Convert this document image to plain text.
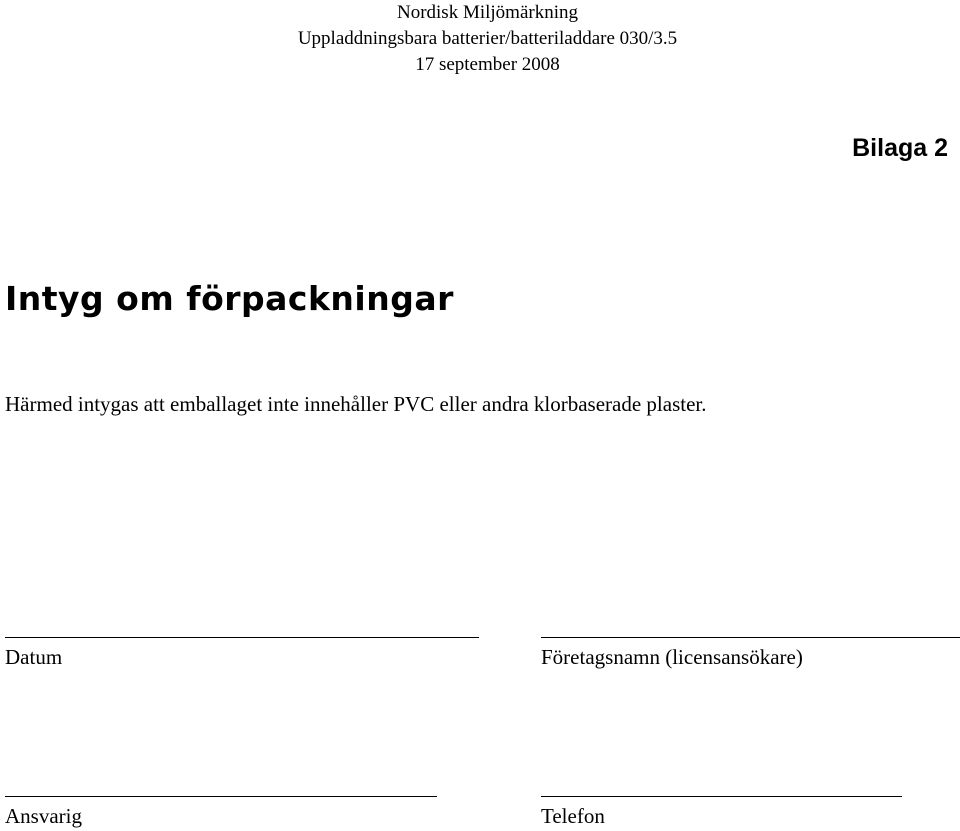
Nordisk Miljömärkning
Uppladdningsbara batterier/batteriladdare 030/3.5
17 september 2008
Bilaga 2
Intyg om förpackningar

Härmed intygas att emballaget inte innehåller PVC eller andra klorbaserade plaster.

Datum	Företagsnamn (licensansökare)
Ansvarig	Telefon
